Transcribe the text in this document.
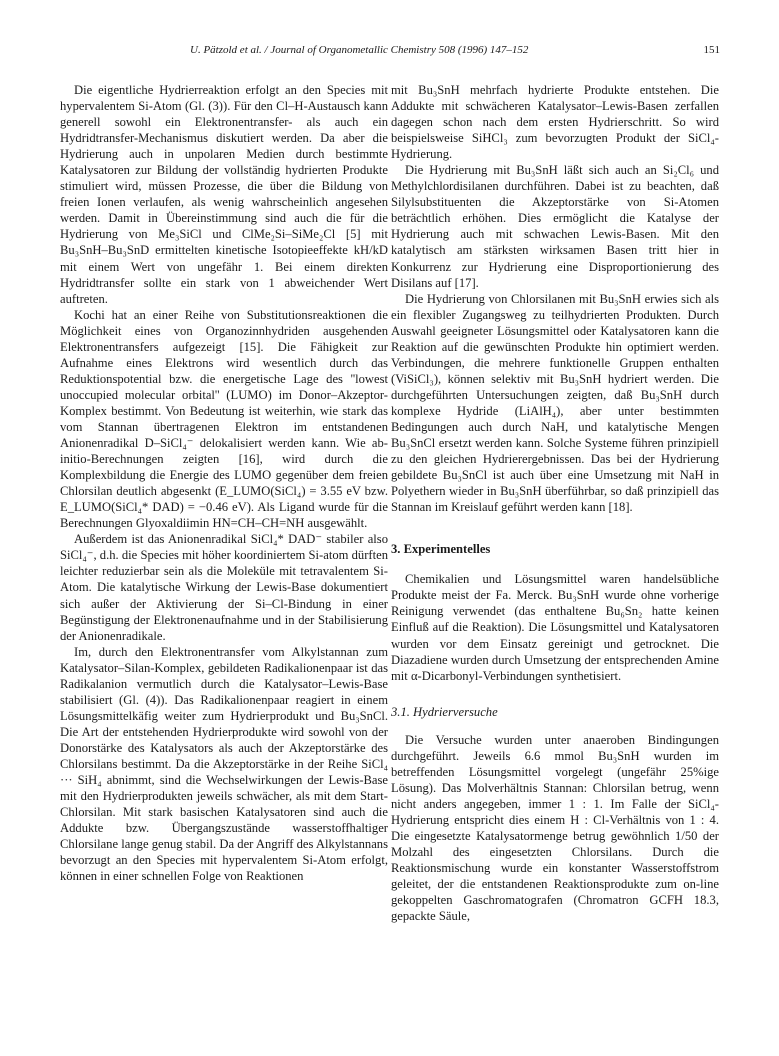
U. Pätzold et al. / Journal of Organometallic Chemistry 508 (1996) 147–152	151

Die eigentliche Hydrierreaktion erfolgt an den Species mit hypervalentem Si-Atom (Gl. (3)). Für den Cl–H-Austausch kann generell sowohl ein Elektronentransfer- als auch ein Hydridtransfer-Mechanismus diskutiert werden. Da aber die Hydrierung auch in unpolaren Medien durch bestimmte Katalysatoren zur Bildung der vollständig hydrierten Produkte stimuliert wird, müssen Prozesse, die über die Bildung von freien Ionen verlaufen, als wenig wahrscheinlich angesehen werden. Damit in Übereinstimmung sind auch die für die Hydrierung von Me₃SiCl und ClMe₂Si–SiMe₂Cl [5] mit Bu₃SnH–Bu₃SnD ermittelten kinetische Isotopieeffekte kH/kD mit einem Wert von ungefähr 1. Bei einem direkten Hydridtransfer sollte ein stark von 1 abweichender Wert auftreten.

Kochi hat an einer Reihe von Substitutionsreaktionen die Möglichkeit eines von Organozinnhydriden ausgehenden Elektronentransfers aufgezeigt [15]. Die Fähigkeit zur Aufnahme eines Elektrons wird wesentlich durch das Reduktionspotential bzw. die energetische Lage des ''lowest unoccupied molecular orbital'' (LUMO) im Donor–Akzeptor-Komplex bestimmt. Von Bedeutung ist weiterhin, wie stark das vom Stannan übertragenen Elektron im entstandenen Anionenradikal D–SiCl₄⁻ delokalisiert werden kann. Wie ab-initio-Berechnungen zeigten [16], wird durch die Komplexbildung die Energie des LUMO gegenüber dem freien Chlorsilan deutlich abgesenkt (E_LUMO(SiCl₄) = 3.55 eV bzw. E_LUMO(SiCl₄* DAD) = −0.46 eV). Als Ligand wurde für die Berechnungen Glyoxaldiimin HN=CH–CH=NH ausgewählt.

Außerdem ist das Anionenradikal SiCl₄* DAD⁻ stabiler also SiCl₄⁻, d.h. die Species mit höher koordiniertem Si-atom dürften leichter reduzierbar sein als die Moleküle mit tetravalentem Si-Atom. Die katalytische Wirkung der Lewis-Base dokumentiert sich außer der Aktivierung der Si–Cl-Bindung in einer Begünstigung der Elektronenaufnahme und in der Stabilisierung der Anionenradikale.

Im, durch den Elektronentransfer vom Alkylstannan zum Katalysator–Silan-Komplex, gebildeten Radikalionenpaar ist das Radikalanion vermutlich durch die Katalysator–Lewis-Base stabilisiert (Gl. (4)). Das Radikalionenpaar reagiert in einem Lösungsmittelkäfig weiter zum Hydrierprodukt und Bu₃SnCl. Die Art der entstehenden Hydrierprodukte wird sowohl von der Donorstärke des Katalysators als auch der Akzeptorstärke des Chlorsilans bestimmt. Da die Akzeptorstärke in der Reihe SiCl₄ ··· SiH₄ abnimmt, sind die Wechselwirkungen der Lewis-Base mit den Hydrierprodukten jeweils schwächer, als mit dem Start-Chlorsilan. Mit stark basischen Katalysatoren sind auch die Addukte bzw. Übergangszustände wasserstoffhaltiger Chlorsilane lange genug stabil. Da der Angriff des Alkylstannans bevorzugt an den Species mit hypervalentem Si-Atom erfolgt, können in einer schnellen Folge von Reaktionen

mit Bu₃SnH mehrfach hydrierte Produkte entstehen. Die Addukte mit schwächeren Katalysator–Lewis-Basen zerfallen dagegen schon nach dem ersten Hydrierschritt. So wird beispielsweise SiHCl₃ zum bevorzugten Produkt der SiCl₄-Hydrierung.

Die Hydrierung mit Bu₃SnH läßt sich auch an Si₂Cl₆ und Methylchlordisilanen durchführen. Dabei ist zu beachten, daß Silylsubstituenten die Akzeptorstärke von Si-Atomen beträchtlich erhöhen. Dies ermöglicht die Katalyse der Hydrierung auch mit schwachen Lewis-Basen. Mit den katalytisch am stärksten wirksamen Basen tritt hier in Konkurrenz zur Hydrierung eine Disproportionierung des Disilans auf [17].

Die Hydrierung von Chlorsilanen mit Bu₃SnH erwies sich als ein flexibler Zugangsweg zu teilhydrierten Produkten. Durch Auswahl geeigneter Lösungsmittel oder Katalysatoren kann die Reaktion auf die gewünschten Produkte hin optimiert werden. Verbindungen, die mehrere funktionelle Gruppen enthalten (ViSiCl₃), können selektiv mit Bu₃SnH hydriert werden. Die durchgeführten Untersuchungen zeigten, daß Bu₃SnH durch komplexe Hydride (LiAlH₄), aber unter bestimmten Bedingungen auch durch NaH, und katalytische Mengen Bu₃SnCl ersetzt werden kann. Solche Systeme führen prinzipiell zu den gleichen Hydrierergebnissen. Das bei der Hydrierung gebildete Bu₃SnCl ist auch über eine Umsetzung mit NaH in Polyethern wieder in Bu₃SnH überführbar, so daß prinzipiell das Stannan im Kreislauf geführt werden kann [18].

3. Experimentelles

Chemikalien und Lösungsmittel waren handelsübliche Produkte meist der Fa. Merck. Bu₃SnH wurde ohne vorherige Reinigung verwendet (das enthaltene Bu₆Sn₂ hatte keinen Einfluß auf die Reaktion). Die Lösungsmittel und Katalysatoren wurden vor dem Einsatz gereinigt und getrocknet. Die Diazadiene wurden durch Umsetzung der entsprechenden Amine mit α-Dicarbonyl-Verbindungen synthetisiert.

3.1. Hydrierversuche

Die Versuche wurden unter anaeroben Bindingungen durchgeführt. Jeweils 6.6 mmol Bu₃SnH wurden im betreffenden Lösungsmittel vorgelegt (ungefähr 25%ige Lösung). Das Molverhältnis Stannan: Chlorsilan betrug, wenn nicht anders angegeben, immer 1 : 1. Im Falle der SiCl₄-Hydrierung entspricht dies einem H : Cl-Verhältnis von 1 : 4. Die eingesetzte Katalysatormenge betrug gewöhnlich 1/50 der Molzahl des eingesetzten Chlorsilans. Durch die Reaktionsmischung wurde ein konstanter Wasserstoffstrom geleitet, der die entstandenen Reaktionsprodukte zum on-line gekoppelten Gaschromatografen (Chromatron GCFH 18.3, gepackte Säule,
